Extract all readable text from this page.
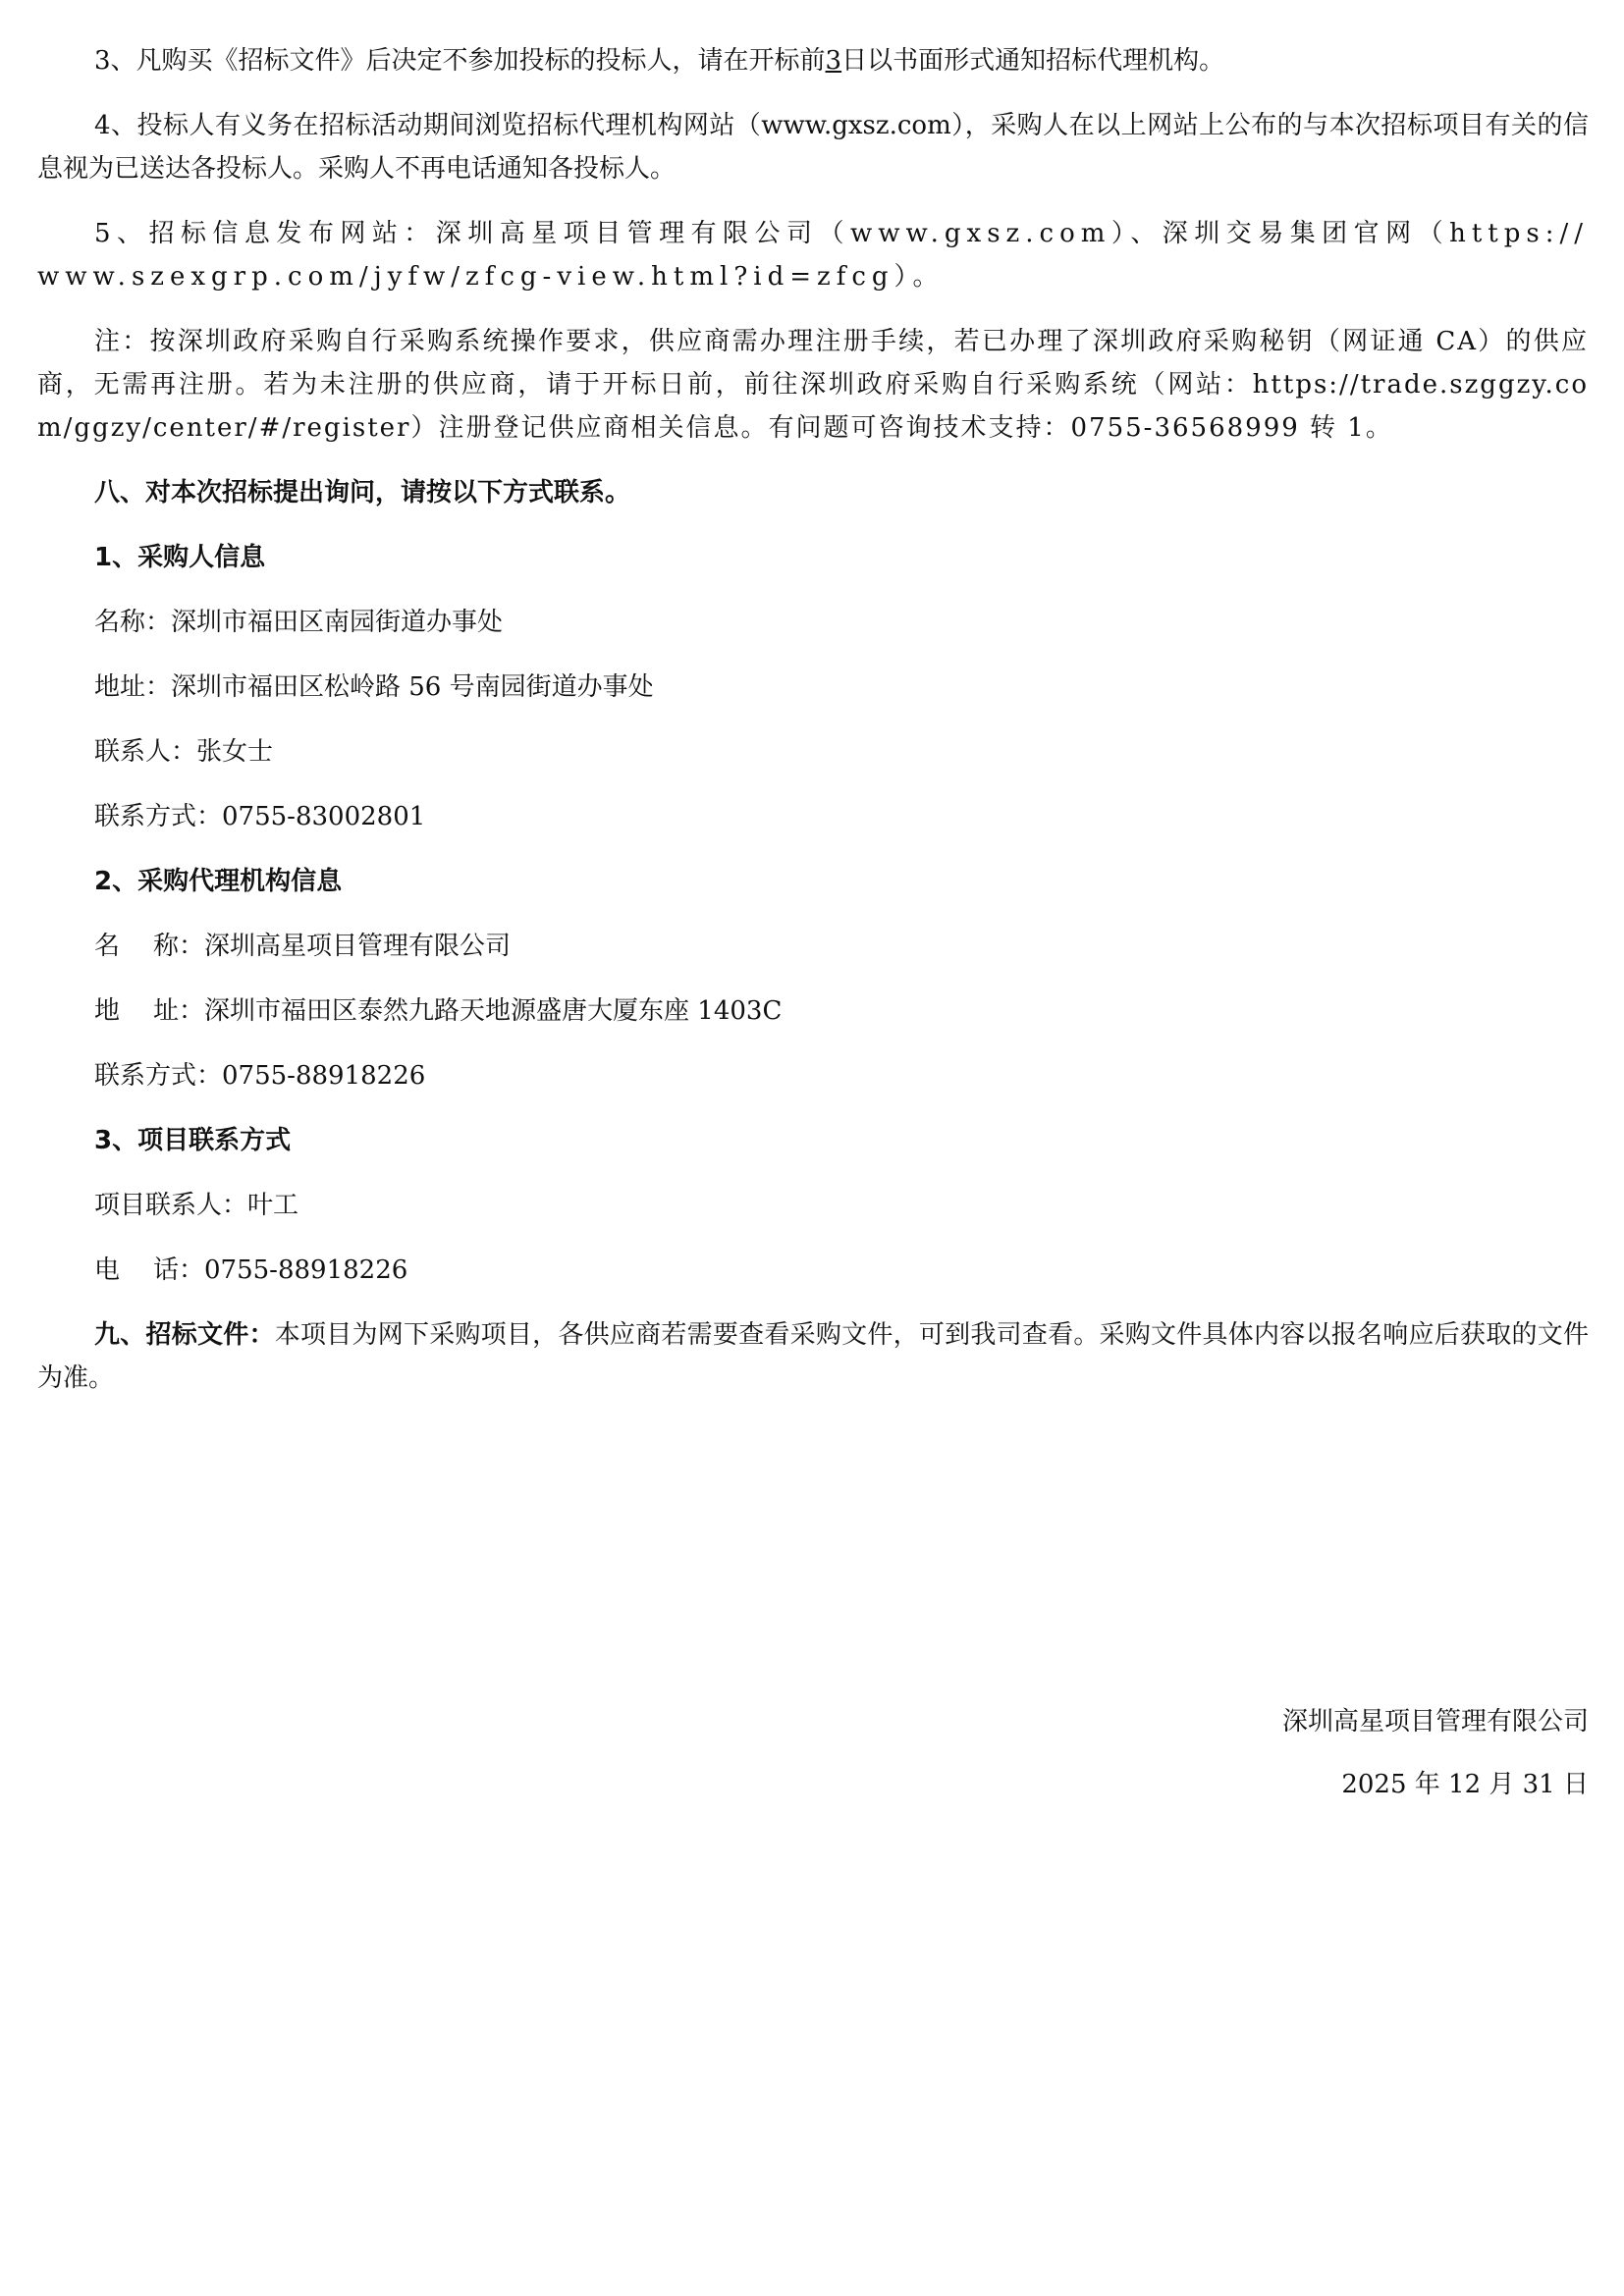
3、凡购买《招标文件》后决定不参加投标的投标人，请在开标前3日以书面形式通知招标代理机构。

4、投标人有义务在招标活动期间浏览招标代理机构网站（www.gxsz.com），采购人在以上网站上公布的与本次招标项目有关的信息视为已送达各投标人。采购人不再电话通知各投标人。

5、招标信息发布网站：深圳高星项目管理有限公司（www.gxsz.com）、深圳交易集团官网（https://www.szexgrp.com/jyfw/zfcg-view.html?id=zfcg）。

注：按深圳政府采购自行采购系统操作要求，供应商需办理注册手续，若已办理了深圳政府采购秘钥（网证通 CA）的供应商，无需再注册。若为未注册的供应商，请于开标日前，前往深圳政府采购自行采购系统（网站：https://trade.szggzy.com/ggzy/center/#/register）注册登记供应商相关信息。有问题可咨询技术支持：0755-36568999 转 1。

八、对本次招标提出询问，请按以下方式联系。
1、采购人信息
名称：深圳市福田区南园街道办事处
地址：深圳市福田区松岭路 56 号南园街道办事处
联系人：张女士
联系方式：0755-83002801
2、采购代理机构信息
名 称：深圳高星项目管理有限公司
地 址：深圳市福田区泰然九路天地源盛唐大厦东座 1403C
联系方式：0755-88918226
3、项目联系方式
项目联系人：叶工
电 话：0755-88918226

九、招标文件：本项目为网下采购项目，各供应商若需要查看采购文件，可到我司查看。采购文件具体内容以报名响应后获取的文件为准。

深圳高星项目管理有限公司
2025 年 12 月 31 日
